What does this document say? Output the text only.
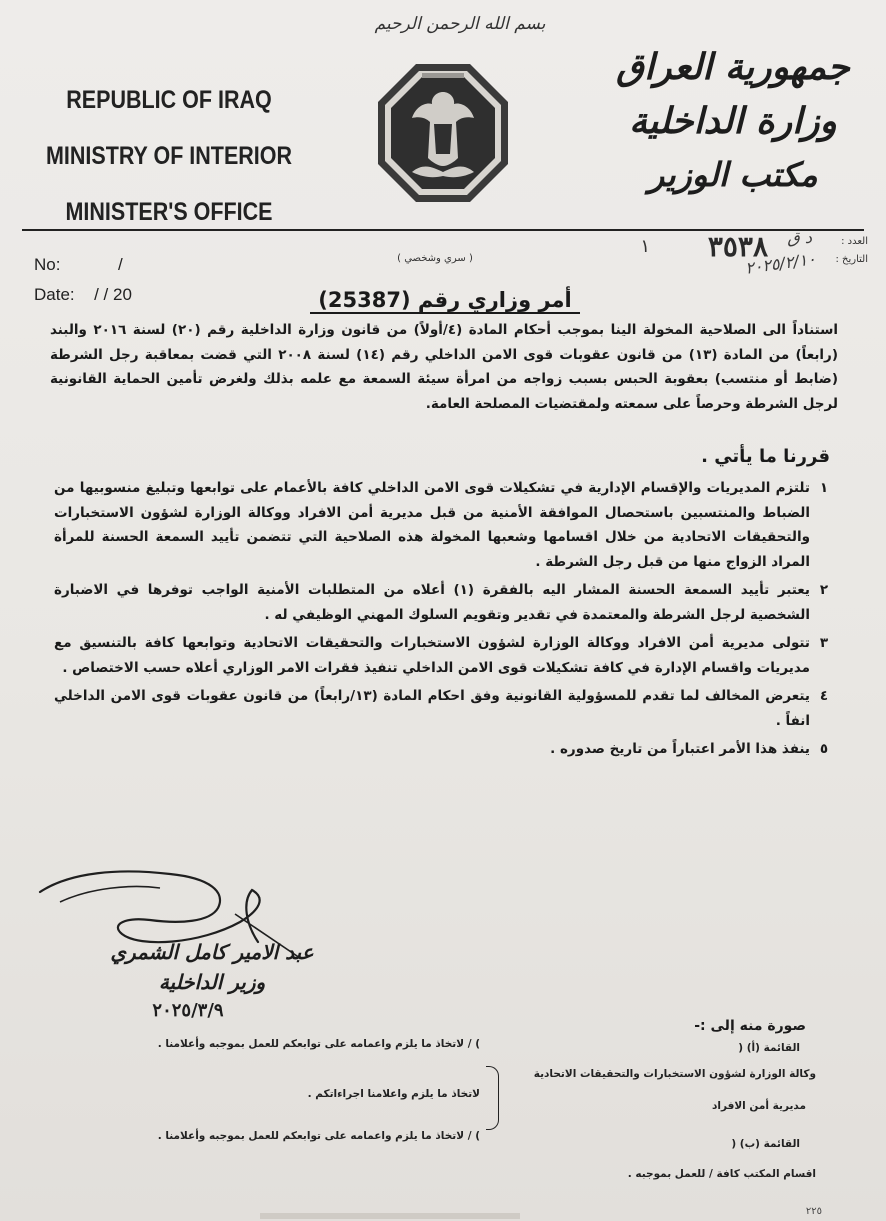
بسم الله الرحمن الرحيم
REPUBLIC OF IRAQ
MINISTRY OF INTERIOR
MINISTER'S OFFICE
جمهورية العراق
وزارة الداخلية
مكتب الوزير
No:	/
Date: / / 20
( سري وشخصي )
العدد :
التاريخ :
د ق
٣٥٣٨
٢٠٢٥/٢/١٠
١
أمر وزاري رقم (25387)
استناداً الى الصلاحية المخولة الينا بموجب أحكام المادة (٤/أولاً) من قانون وزارة الداخلية رقم (٢٠) لسنة ٢٠١٦ والبند (رابعاً) من المادة (١٣) من قانون عقوبات قوى الامن الداخلي رقم (١٤) لسنة ٢٠٠٨ التي قضت بمعاقبة رجل الشرطة (ضابط أو منتسب) بعقوبة الحبس بسبب زواجه من امرأة سيئة السمعة مع علمه بذلك ولغرض تأمين الحماية القانونية لرجل الشرطة وحرصاً على سمعته ولمقتضيات المصلحة العامة.
قررنا ما يأتي .
١
تلتزم المديريات والإقسام الإدارية في تشكيلات قوى الامن الداخلي كافة بالأعمام على توابعها وتبليغ منسوبيها من الضباط والمنتسبين باستحصال الموافقة الأمنية من قبل مديرية أمن الافراد ووكالة الوزارة لشؤون الاستخبارات والتحقيقات الاتحادية من خلال اقسامها وشعبها المخولة هذه الصلاحية التي تتضمن تأييد السمعة الحسنة للمرأة المراد الزواج منها من قبل رجل الشرطة .
٢
يعتبر تأييد السمعة الحسنة المشار اليه بالفقرة (١) أعلاه من المتطلبات الأمنية الواجب توفرها في الاضبارة الشخصية لرجل الشرطة والمعتمدة في تقدير وتقويم السلوك المهني الوظيفي له .
٣
تتولى مديرية أمن الافراد ووكالة الوزارة لشؤون الاستخبارات والتحقيقات الاتحادية وتوابعها كافة بالتنسيق مع مديريات واقسام الإدارة في كافة تشكيلات قوى الامن الداخلي تنفيذ فقرات الامر الوزاري أعلاه حسب الاختصاص .
٤
يتعرض المخالف لما تقدم للمسؤولية القانونية وفق احكام المادة (١٣/رابعاً) من قانون عقوبات قوى الامن الداخلي انفاً .
٥
ينفذ هذا الأمر اعتباراً من تاريخ صدوره .
عبد الامير كامل الشمري
وزير الداخلية
٢٠٢٥/٣/٩
صورة منه إلى :-
القائمة (أ) (
) / لاتخاذ ما يلزم واعمامه على توابعكم للعمل بموجبه وأعلامنا .
وكالة الوزارة لشؤون الاستخبارات والتحقيقات الاتحادية
مديرية أمن الافراد
لاتخاذ ما يلزم واعلامنا اجراءاتكم .
القائمة (ب) (
) / لاتخاذ ما يلزم واعمامه على توابعكم للعمل بموجبه وأعلامنا .
اقسام المكتب كافة / للعمل بموجبه .
٢٢٥
